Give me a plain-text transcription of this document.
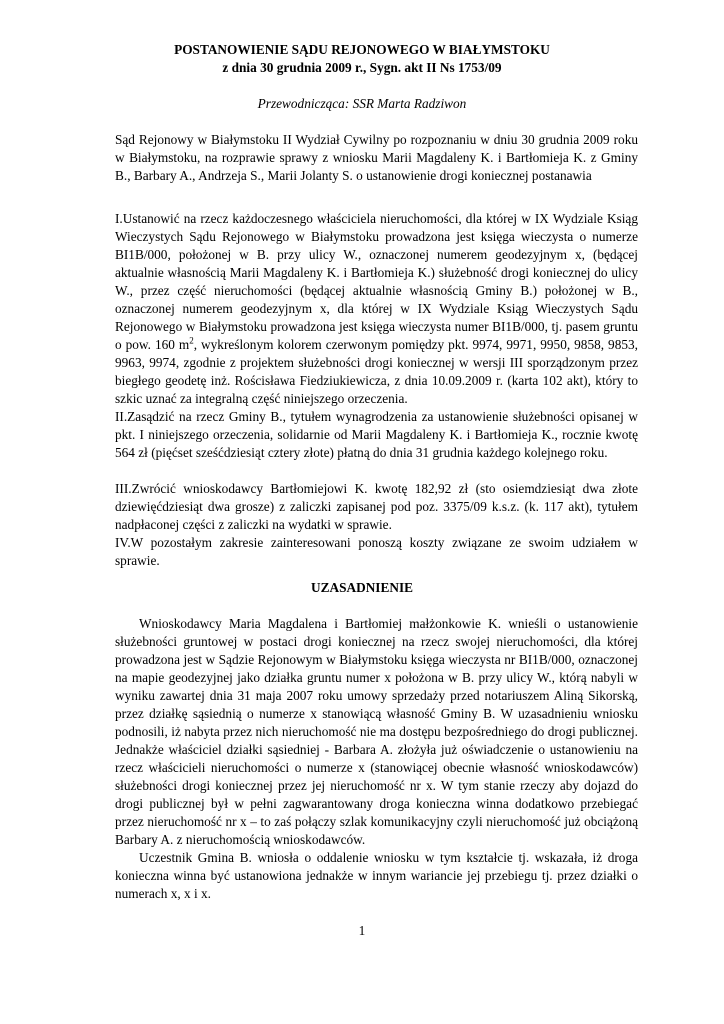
POSTANOWIENIE SĄDU REJONOWEGO W BIAŁYMSTOKU
z dnia 30 grudnia 2009 r., Sygn. akt II Ns 1753/09
Przewodnicząca: SSR Marta Radziwon

Sąd Rejonowy w Białymstoku II Wydział Cywilny po rozpoznaniu w dniu 30 grudnia 2009 roku w Białymstoku, na rozprawie sprawy z wniosku Marii Magdaleny K. i Bartłomieja K. z Gminy B., Barbary A., Andrzeja S., Marii Jolanty S. o ustanowienie drogi koniecznej postanawia

I.Ustanowić na rzecz każdoczesnego właściciela nieruchomości, dla której w IX Wydziale Ksiąg Wieczystych Sądu Rejonowego w Białymstoku prowadzona jest księga wieczysta o numerze BI1B/000, położonej w B. przy ulicy W., oznaczonej numerem geodezyjnym x, (będącej aktualnie własnością Marii Magdaleny K. i Bartłomieja K.) służebność drogi koniecznej do ulicy W., przez część nieruchomości (będącej aktualnie własnością Gminy B.) położonej w B., oznaczonej numerem geodezyjnym x, dla której w IX Wydziale Ksiąg Wieczystych Sądu Rejonowego w Białymstoku prowadzona jest księga wieczysta numer BI1B/000, tj. pasem gruntu o pow. 160 $m^2$, wykreślonym kolorem czerwonym pomiędzy pkt. 9974, 9971, 9950, 9858, 9853, 9963, 9974, zgodnie z projektem służebności drogi koniecznej w wersji III sporządzonym przez biegłego geodetę inż. Rościsława Fiedziukiewicza, z dnia 10.09.2009 r. (karta 102 akt), który to szkic uznać za integralną część niniejszego orzeczenia.

II.Zasądzić na rzecz Gminy B., tytułem wynagrodzenia za ustanowienie służebności opisanej w pkt. I niniejszego orzeczenia, solidarnie od Marii Magdaleny K. i Bartłomieja K., rocznie kwotę 564 zł (pięćset sześćdziesiąt cztery złote) płatną do dnia 31 grudnia każdego kolejnego roku.

III.Zwrócić wnioskodawcy Bartłomiejowi K. kwotę 182,92 zł (sto osiemdziesiąt dwa złote dziewięćdziesiąt dwa grosze) z zaliczki zapisanej pod poz. 3375/09 k.s.z. (k. 117 akt), tytułem nadpłaconej części z zaliczki na wydatki w sprawie.

IV.W pozostałym zakresie zainteresowani ponoszą koszty związane ze swoim udziałem w sprawie.

UZASADNIENIE

Wnioskodawcy Maria Magdalena i Bartłomiej małżonkowie K. wnieśli o ustanowienie służebności gruntowej w postaci drogi koniecznej na rzecz swojej nieruchomości, dla której prowadzona jest w Sądzie Rejonowym w Białymstoku księga wieczysta nr BI1B/000, oznaczonej na mapie geodezyjnej jako działka gruntu numer x położona w B. przy ulicy W., którą nabyli w wyniku zawartej dnia 31 maja 2007 roku umowy sprzedaży przed notariuszem Aliną Sikorską, przez działkę sąsiednią o numerze x stanowiącą własność Gminy B. W uzasadnieniu wniosku podnosili, iż nabyta przez nich nieruchomość nie ma dostępu bezpośredniego do drogi publicznej. Jednakże właściciel działki sąsiedniej - Barbara A. złożyła już oświadczenie o ustanowieniu na rzecz właścicieli nieruchomości o numerze x (stanowiącej obecnie własność wnioskodawców) służebności drogi koniecznej przez jej nieruchomość nr x. W tym stanie rzeczy aby dojazd do drogi publicznej był w pełni zagwarantowany droga konieczna winna dodatkowo przebiegać przez nieruchomość nr x – to zaś połączy szlak komunikacyjny czyli nieruchomość już obciążoną Barbary A. z nieruchomością wnioskodawców.

Uczestnik Gmina B. wniosła o oddalenie wniosku w tym kształcie tj. wskazała, iż droga konieczna winna być ustanowiona jednakże w innym wariancie jej przebiegu tj. przez działki o numerach x, x i x.

1
